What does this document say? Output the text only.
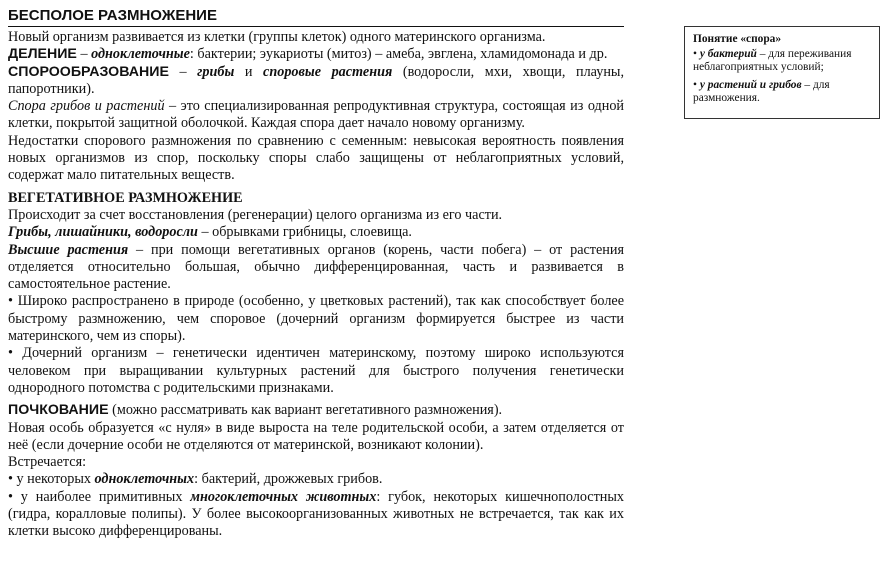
БЕСПОЛОЕ РАЗМНОЖЕНИЕ

Новый организм развивается из клетки (группы клеток) одного материнского организма.

ДЕЛЕНИЕ – одноклеточные: бактерии; эукариоты (митоз) – амеба, эвглена, хламидомонада и др.

СПОРООБРАЗОВАНИЕ – грибы и споровые растения (водоросли, мхи, хвощи, плауны, папоротники).

Спора грибов и растений – это специализированная репродуктивная структура, состоящая из одной клетки, покрытой защитной оболочкой. Каждая спора дает начало новому организму.

Недостатки спорового размножения по сравнению с семенным: невысокая вероятность появления новых организмов из спор, поскольку споры слабо защищены от неблагоприятных условий, содержат мало питательных веществ.

ВЕГЕТАТИВНОЕ РАЗМНОЖЕНИЕ

Происходит за счет восстановления (регенерации) целого организма из его части.

Грибы, лишайники, водоросли – обрывками грибницы, слоевища.

Высшие растения – при помощи вегетативных органов (корень, части побега) – от растения отделяется относительно большая, обычно дифференцированная, часть и развивается в самостоятельное растение.

• Широко распространено в природе (особенно, у цветковых растений), так как способствует более быстрому размножению, чем споровое (дочерний организм формируется быстрее из части материнского, чем из споры).

• Дочерний организм – генетически идентичен материнскому, поэтому широко используются человеком при выращивании культурных растений для быстрого получения генетически однородного потомства с родительскими признаками.

ПОЧКОВАНИЕ (можно рассматривать как вариант вегетативного размножения).

Новая особь образуется «с нуля» в виде выроста на теле родительской особи, а затем отделяется от неё (если дочерние особи не отделяются от материнской, возникают колонии).

Встречается:

• у некоторых одноклеточных: бактерий, дрожжевых грибов.

• у наиболее примитивных многоклеточных животных: губок, некоторых кишечнополостных (гидра, коралловые полипы). У более высокоорганизованных животных не встречается, так как их клетки высоко дифференцированы.

Понятие «спора»

• у бактерий – для переживания неблагоприятных условий;

• у растений и грибов – для размножения.
